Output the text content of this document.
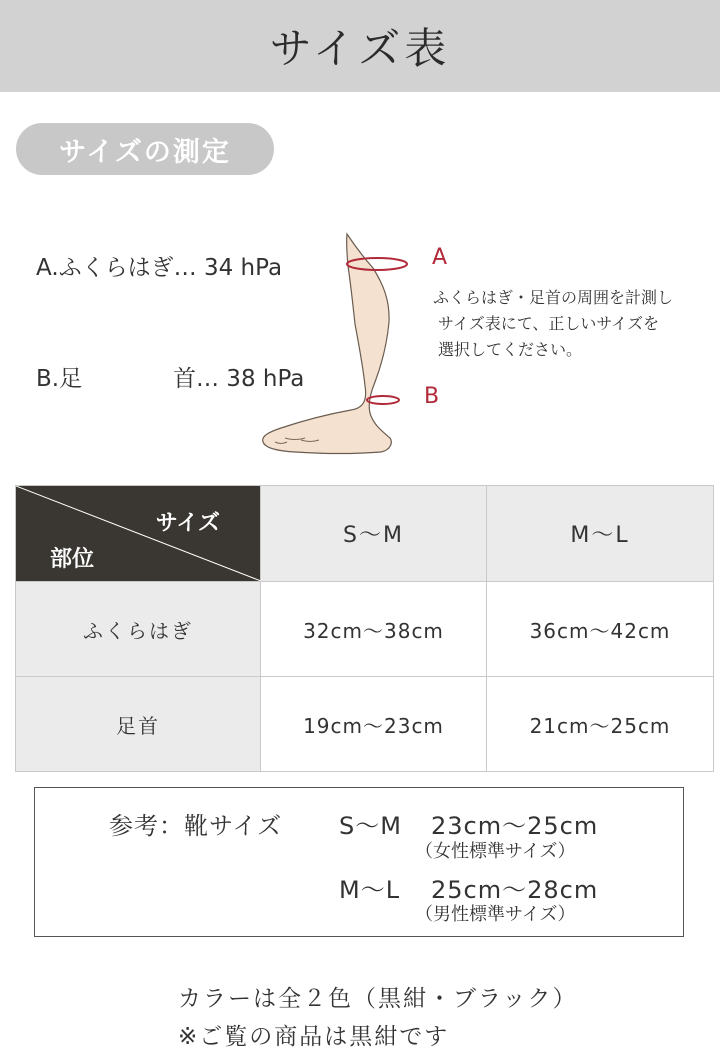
サイズ表
サイズの測定
A.ふくらはぎ… 34 hPa
B.足	首… 38 hPa
A
B
ふくらはぎ・足首の周囲を計測し
サイズ表にて、正しいサイズを
選択してください。
サイズ
部位	S～M	M～L
ふくらはぎ	32cm～38cm	36cm～42cm
足首	19cm～23cm	21cm～25cm
参考：靴サイズ S～M 23cm～25cm
（女性標準サイズ）
M～L 25cm～28cm
（男性標準サイズ）
カラーは全２色（黒紺・ブラック）
※ご覧の商品は黒紺です
